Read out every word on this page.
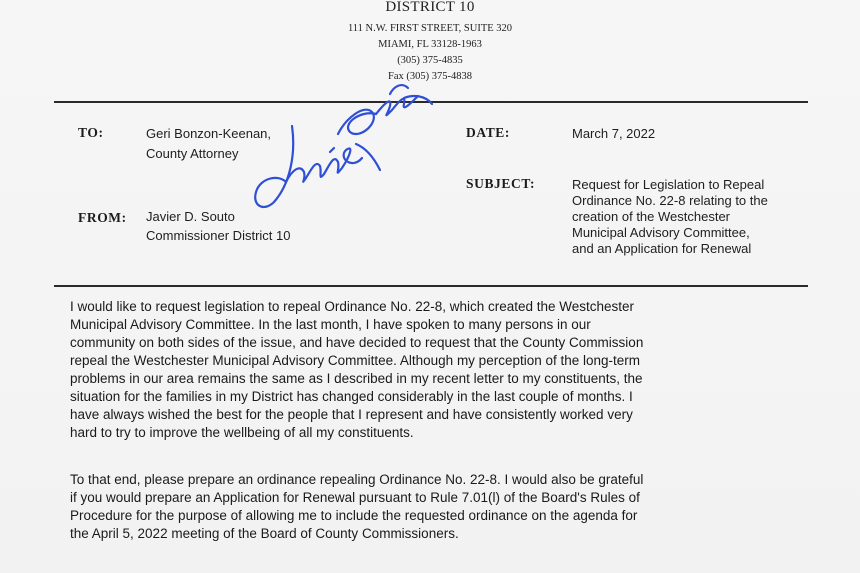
DISTRICT 10
111 N.W. FIRST STREET, SUITE 320
MIAMI, FL 33128-1963
(305) 375-4835
Fax (305) 375-4838
TO:	Geri Bonzon-Keenan,
County Attorney
FROM: Javier D. Souto
Commissioner District 10
DATE:	March 7, 2022
SUBJECT:	Request for Legislation to Repeal
Ordinance No. 22-8 relating to the
creation of the Westchester
Municipal Advisory Committee,
and an Application for Renewal
I would like to request legislation to repeal Ordinance No. 22-8, which created the Westchester
Municipal Advisory Committee. In the last month, I have spoken to many persons in our
community on both sides of the issue, and have decided to request that the County Commission
repeal the Westchester Municipal Advisory Committee. Although my perception of the long-term
problems in our area remains the same as I described in my recent letter to my constituents, the
situation for the families in my District has changed considerably in the last couple of months. I
have always wished the best for the people that I represent and have consistently worked very
hard to try to improve the wellbeing of all my constituents.
To that end, please prepare an ordinance repealing Ordinance No. 22-8. I would also be grateful
if you would prepare an Application for Renewal pursuant to Rule 7.01(l) of the Board's Rules of
Procedure for the purpose of allowing me to include the requested ordinance on the agenda for
the April 5, 2022 meeting of the Board of County Commissioners.
